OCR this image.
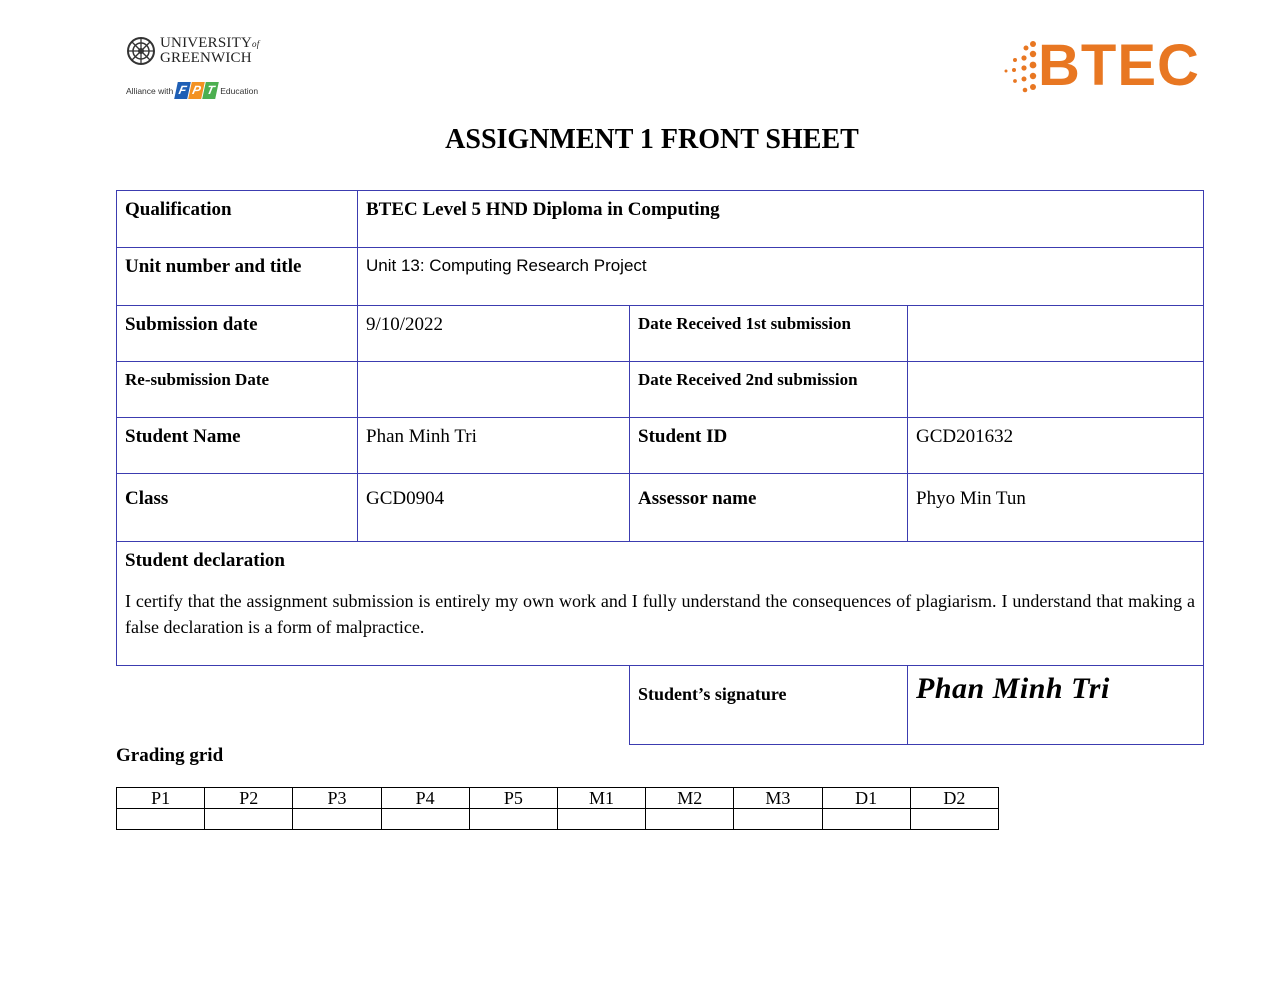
UNIVERSITYof
GREENWICH
Alliance with F P T Education	BTEC
ASSIGNMENT 1 FRONT SHEET
Qualification	BTEC Level 5 HND Diploma in Computing		
Unit number and title	Unit 13: Computing Research Project		
Submission date	9/10/2022	Date Received 1st submission	
Re-submission Date		Date Received 2nd submission	
Student Name	Phan Minh Tri	Student ID	GCD201632
Class	GCD0904	Assessor name	Phyo Min Tun

Student declaration
I certify that the assignment submission is entirely my own work and I fully understand the consequences of plagiarism. I understand that making a false declaration is a form of malpractice.			
Student’s signature	Phan Minh Tri
Grading grid
P1	P2	P3	P4	P5	M1	M2	M3	D1	D2
